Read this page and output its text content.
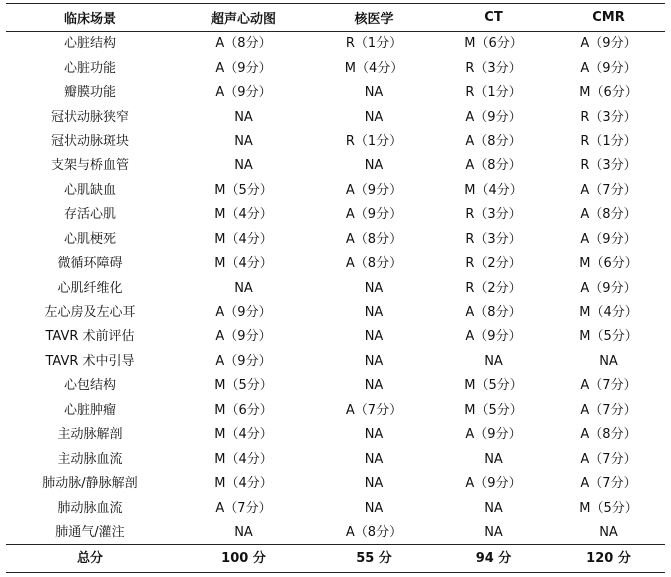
临床场景	超声心动图	核医学	CT	CMR
心脏结构	A（8分）	R（1分）	M（6分）	A（9分）
心脏功能	A（9分）	M（4分）	R（3分）	A（9分）
瓣膜功能	A（9分）	NA	R（1分）	M（6分）
冠状动脉狭窄	NA	NA	A（9分）	R（3分）
冠状动脉斑块	NA	R（1分）	A（8分）	R（1分）
支架与桥血管	NA	NA	A（8分）	R（3分）
心肌缺血	M（5分）	A（9分）	M（4分）	A（7分）
存活心肌	M（4分）	A（9分）	R（3分）	A（8分）
心肌梗死	M（4分）	A（8分）	R（3分）	A（9分）
微循环障碍	M（4分）	A（8分）	R（2分）	M（6分）
心肌纤维化	NA	NA	R（2分）	A（9分）
左心房及左心耳	A（9分）	NA	A（8分）	M（4分）
TAVR 术前评估	A（9分）	NA	A（9分）	M（5分）
TAVR 术中引导	A（9分）	NA	NA	NA
心包结构	M（5分）	NA	M（5分）	A（7分）
心脏肿瘤	M（6分）	A（7分）	M（5分）	A（7分）
主动脉解剖	M（4分）	NA	A（9分）	A（8分）
主动脉血流	M（4分）	NA	NA	A（7分）
肺动脉/静脉解剖	M（4分）	NA	A（9分）	A（7分）
肺动脉血流	A（7分）	NA	NA	M（5分）
肺通气/灌注	NA	A（8分）	NA	NA
总分	100 分	55 分	94 分	120 分
